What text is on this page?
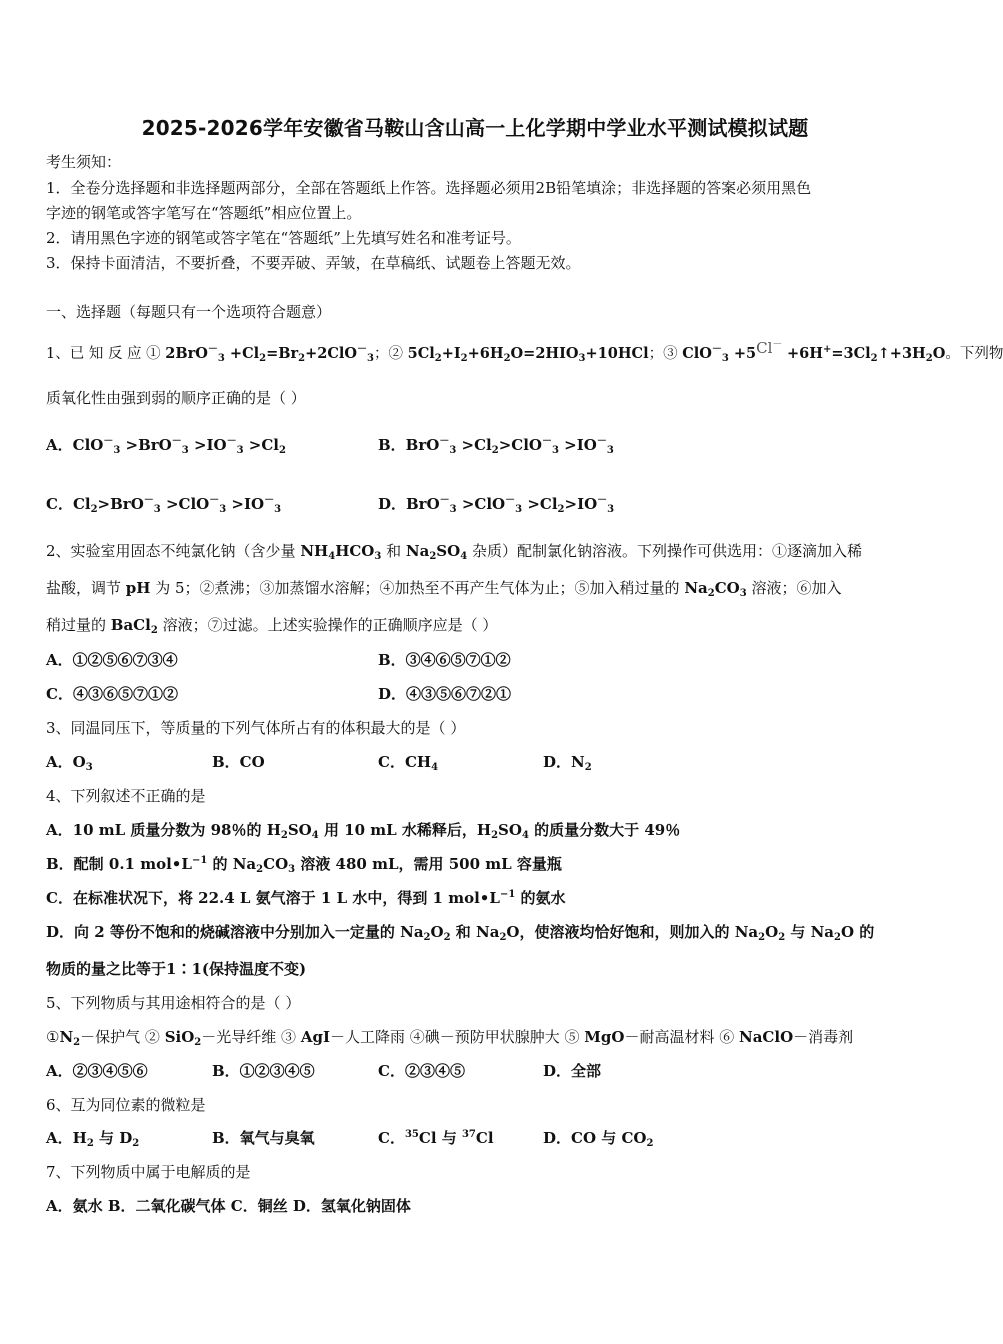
2025-2026学年安徽省马鞍山含山高一上化学期中学业水平测试模拟试题
考生须知：
1．全卷分选择题和非选择题两部分，全部在答题纸上作答。选择题必须用2B铅笔填涂；非选择题的答案必须用黑色
字迹的钢笔或答字笔写在“答题纸”相应位置上。
2．请用黑色字迹的钢笔或答字笔在“答题纸”上先填写姓名和准考证号。
3．保持卡面清洁，不要折叠，不要弄破、弄皱，在草稿纸、试题卷上答题无效。
一、选择题（每题只有一个选项符合题意）
1、已 知 反 应 ① $2BrO^-_3 +Cl_2=Br_2+2ClO^-_3$；② $5Cl_2+I_2+6H_2O=2HIO_3+10HCl$；③ $ClO^-_3 +5Cl^- +6H^+=3Cl_2↑+3H_2O$。下列物
质氧化性由强到弱的顺序正确的是（ ）
A．$ClO^-_3 >BrO^-_3 >IO^-_3 >Cl_2$	B．$BrO^-_3 >Cl_2>ClO^-_3 >IO^-_3$
C．$Cl_2>BrO^-_3 >ClO^-_3 >IO^-_3$	D．$BrO^-_3 >ClO^-_3 >Cl_2>IO^-_3$
2、实验室用固态不纯氯化钠（含少量 $NH_4HCO_3$ 和 $Na_2SO_4$ 杂质）配制氯化钠溶液。下列操作可供选用：①逐滴加入稀
盐酸，调节 pH 为 5；②煮沸；③加蒸馏水溶解；④加热至不再产生气体为止；⑤加入稍过量的 $Na_2CO_3$ 溶液；⑥加入
稍过量的 BaCl$_2$ 溶液；⑦过滤。上述实验操作的正确顺序应是（ ）
A．①②⑤⑥⑦③④	B．③④⑥⑤⑦①②
C．④③⑥⑤⑦①②	D．④③⑤⑥⑦②①
3、同温同压下，等质量的下列气体所占有的体积最大的是（ ）
A．$O_3$	B．CO	C．$CH_4$	D．$N_2$
4、下列叙述不正确的是
A．10 mL 质量分数为 98％的 $H_2SO_4$ 用 10 mL 水稀释后，$H_2SO_4$ 的质量分数大于 49％
B．配制 0.1 $mol•L^{-1}$ 的 $Na_2CO_3$ 溶液 480 mL，需用 500 mL 容量瓶
C．在标准状况下，将 22.4 L 氨气溶于 1 L 水中，得到 1 $mol•L^{-1}$ 的氨水
D．向 2 等份不饱和的烧碱溶液中分别加入一定量的 $Na_2O_2$ 和 $Na_2O$，使溶液均恰好饱和，则加入的 $Na_2O_2$ 与 $Na_2O$ 的
物质的量之比等于1∶1(保持温度不变)
5、下列物质与其用途相符合的是（ ）
$①N_2-$保护气 ② SiO$_2$－光导纤维 ③ AgI－人工降雨 ④碘－预防甲状腺肿大 ⑤ MgO－耐高温材料 ⑥ NaClO－消毒剂
A．②③④⑤⑥	B．①②③④⑤	C．②③④⑤	D．全部
6、互为同位素的微粒是
A．$H_2$ 与 $D_2$	B．氧气与臭氧	C．$^{35}$Cl 与 $^{37}$Cl	D．CO 与 $CO_2$
7、下列物质中属于电解质的是
A．氨水 B．二氧化碳气体 C．铜丝 D．氢氧化钠固体
